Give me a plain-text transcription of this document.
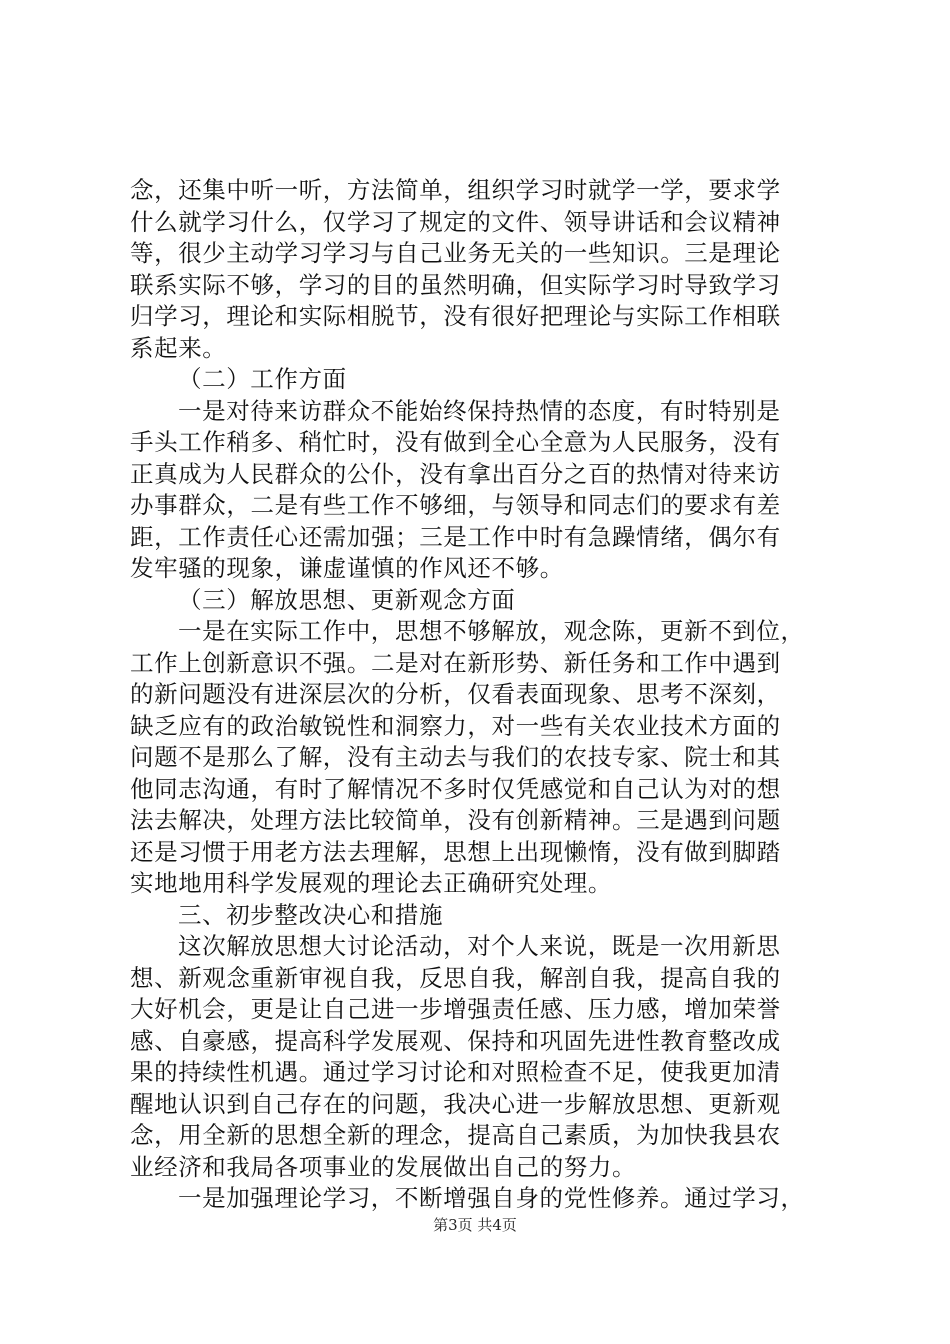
念，还集中听一听，方法简单，组织学习时就学一学，要求学
什么就学习什么，仅学习了规定的文件、领导讲话和会议精神
等，很少主动学习学习与自己业务无关的一些知识。三是理论
联系实际不够，学习的目的虽然明确，但实际学习时导致学习
归学习，理论和实际相脱节，没有很好把理论与实际工作相联
系起来。
（二）工作方面
一是对待来访群众不能始终保持热情的态度，有时特别是
手头工作稍多、稍忙时，没有做到全心全意为人民服务，没有
正真成为人民群众的公仆，没有拿出百分之百的热情对待来访
办事群众，二是有些工作不够细，与领导和同志们的要求有差
距，工作责任心还需加强；三是工作中时有急躁情绪，偶尔有
发牢骚的现象，谦虚谨慎的作风还不够。
（三）解放思想、更新观念方面
一是在实际工作中，思想不够解放，观念陈，更新不到位，
工作上创新意识不强。二是对在新形势、新任务和工作中遇到
的新问题没有进深层次的分析，仅看表面现象、思考不深刻，
缺乏应有的政治敏锐性和洞察力，对一些有关农业技术方面的
问题不是那么了解，没有主动去与我们的农技专家、院士和其
他同志沟通，有时了解情况不多时仅凭感觉和自己认为对的想
法去解决，处理方法比较简单，没有创新精神。三是遇到问题
还是习惯于用老方法去理解，思想上出现懒惰，没有做到脚踏
实地地用科学发展观的理论去正确研究处理。
三、初步整改决心和措施
这次解放思想大讨论活动，对个人来说，既是一次用新思
想、新观念重新审视自我，反思自我，解剖自我，提高自我的
大好机会，更是让自己进一步增强责任感、压力感，增加荣誉
感、自豪感，提高科学发展观、保持和巩固先进性教育整改成
果的持续性机遇。通过学习讨论和对照检查不足，使我更加清
醒地认识到自己存在的问题，我决心进一步解放思想、更新观
念，用全新的思想全新的理念，提高自己素质，为加快我县农
业经济和我局各项事业的发展做出自己的努力。
一是加强理论学习，不断增强自身的党性修养。通过学习，
第3页 共4页
